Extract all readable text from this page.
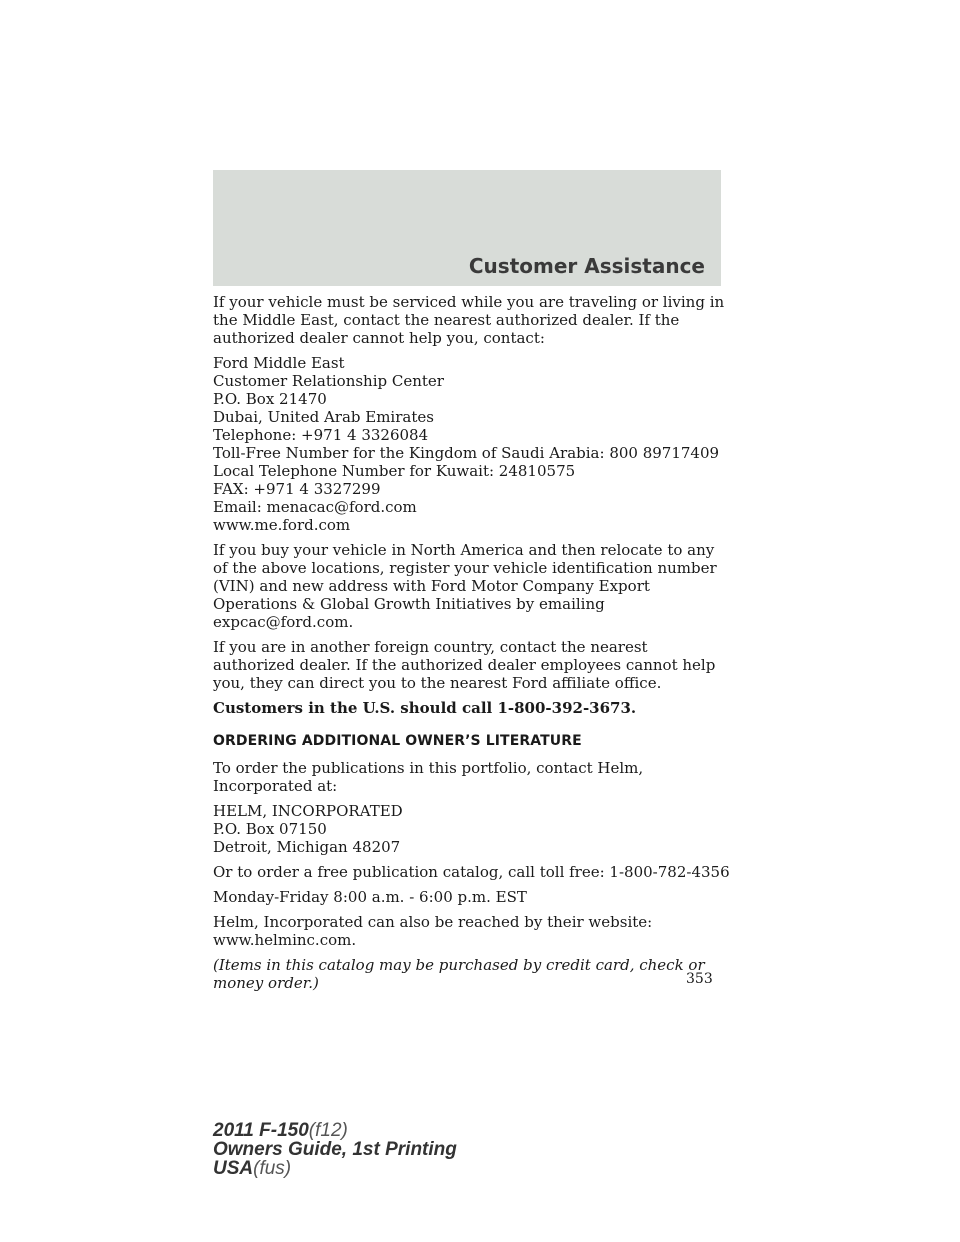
Customer Assistance

If your vehicle must be serviced while you are traveling or living in the Middle East, contact the nearest authorized dealer. If the authorized dealer cannot help you, contact:

Ford Middle East
Customer Relationship Center
P.O. Box 21470
Dubai, United Arab Emirates
Telephone: +971 4 3326084
Toll-Free Number for the Kingdom of Saudi Arabia: 800 89717409
Local Telephone Number for Kuwait: 24810575
FAX: +971 4 3327299
Email: menacac@ford.com
www.me.ford.com

If you buy your vehicle in North America and then relocate to any of the above locations, register your vehicle identification number (VIN) and new address with Ford Motor Company Export Operations & Global Growth Initiatives by emailing expcac@ford.com.

If you are in another foreign country, contact the nearest authorized dealer. If the authorized dealer employees cannot help you, they can direct you to the nearest Ford affiliate office.

Customers in the U.S. should call 1-800-392-3673.

ORDERING ADDITIONAL OWNER’S LITERATURE

To order the publications in this portfolio, contact Helm, Incorporated at:

HELM, INCORPORATED
P.O. Box 07150
Detroit, Michigan 48207

Or to order a free publication catalog, call toll free: 1-800-782-4356

Monday-Friday 8:00 a.m. - 6:00 p.m. EST

Helm, Incorporated can also be reached by their website: www.helminc.com.

(Items in this catalog may be purchased by credit card, check or money order.)	353
2011 F-150(f12)
Owners Guide, 1st Printing
USA(fus)
